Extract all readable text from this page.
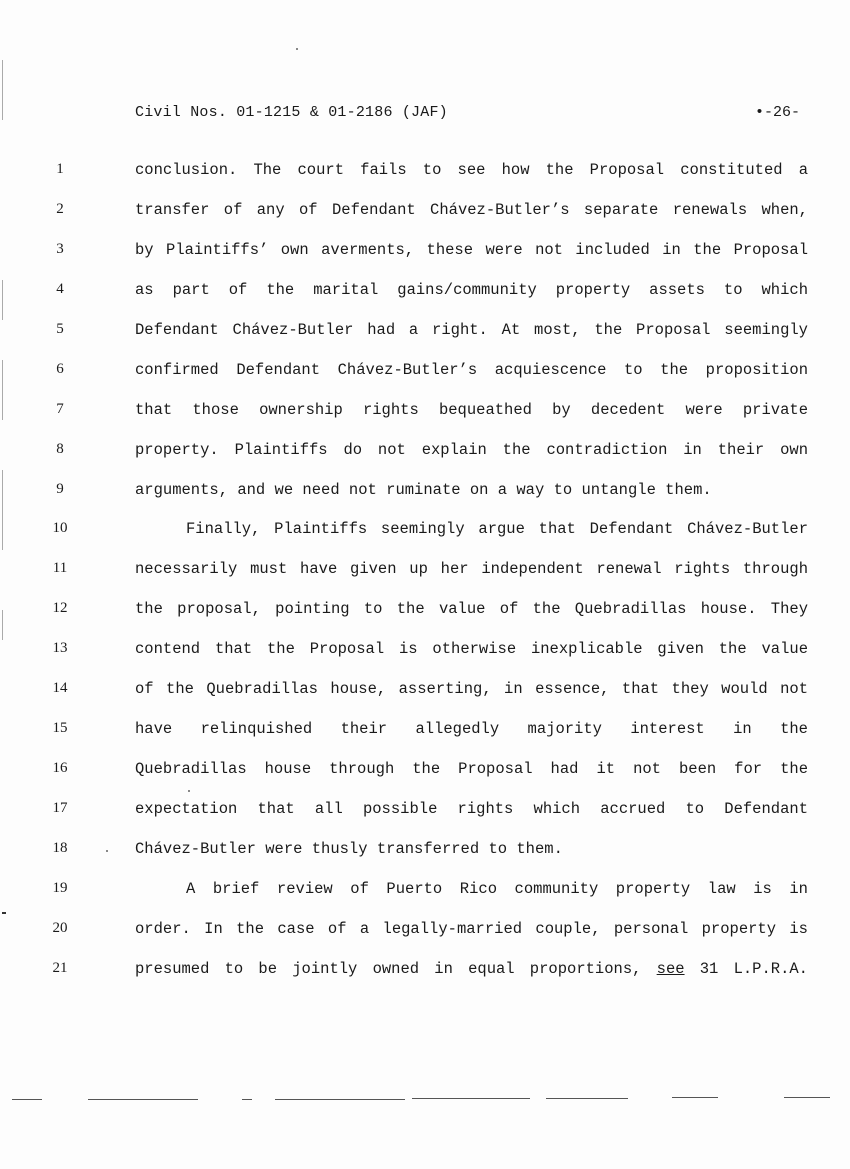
Civil Nos. 01-1215 & 01-2186 (JAF)	•-26-
1
2
3
4
5
6
7
8
9
10
11
12
13
14
15
16
17
18
19
20
21
conclusion. The court fails to see how the Proposal constituted a
transfer of any of Defendant Chávez-Butler’s separate renewals when,
by Plaintiffs’ own averments, these were not included in the Proposal
as part of the marital gains/community property assets to which
Defendant Chávez-Butler had a right. At most, the Proposal seemingly
confirmed Defendant Chávez-Butler’s acquiescence to the proposition
that those ownership rights bequeathed by decedent were private
property. Plaintiffs do not explain the contradiction in their own
arguments, and we need not ruminate on a way to untangle them.
Finally, Plaintiffs seemingly argue that Defendant Chávez-Butler
necessarily must have given up her independent renewal rights through
the proposal, pointing to the value of the Quebradillas house. They
contend that the Proposal is otherwise inexplicable given the value
of the Quebradillas house, asserting, in essence, that they would not
have relinquished their allegedly majority interest in the
Quebradillas house through the Proposal had it not been for the
expectation that all possible rights which accrued to Defendant
Chávez-Butler were thusly transferred to them.
A brief review of Puerto Rico community property law is in
order. In the case of a legally-married couple, personal property is
presumed to be jointly owned in equal proportions, see 31 L.P.R.A.
